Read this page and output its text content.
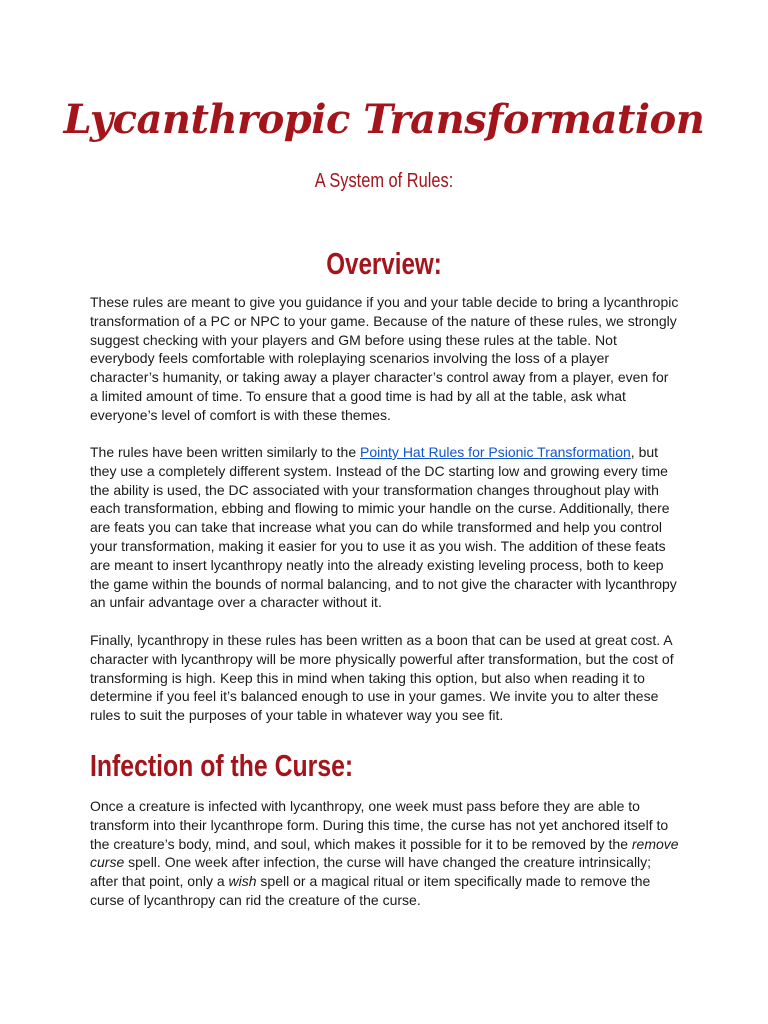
Lycanthropic Transformation

A System of Rules:

Overview:

These rules are meant to give you guidance if you and your table decide to bring a lycanthropic transformation of a PC or NPC to your game. Because of the nature of these rules, we strongly suggest checking with your players and GM before using these rules at the table. Not everybody feels comfortable with roleplaying scenarios involving the loss of a player character’s humanity, or taking away a player character’s control away from a player, even for a limited amount of time. To ensure that a good time is had by all at the table, ask what everyone’s level of comfort is with these themes.

The rules have been written similarly to the Pointy Hat Rules for Psionic Transformation, but they use a completely different system. Instead of the DC starting low and growing every time the ability is used, the DC associated with your transformation changes throughout play with each transformation, ebbing and flowing to mimic your handle on the curse. Additionally, there are feats you can take that increase what you can do while transformed and help you control your transformation, making it easier for you to use it as you wish. The addition of these feats are meant to insert lycanthropy neatly into the already existing leveling process, both to keep the game within the bounds of normal balancing, and to not give the character with lycanthropy an unfair advantage over a character without it.

Finally, lycanthropy in these rules has been written as a boon that can be used at great cost. A character with lycanthropy will be more physically powerful after transformation, but the cost of transforming is high. Keep this in mind when taking this option, but also when reading it to determine if you feel it’s balanced enough to use in your games. We invite you to alter these rules to suit the purposes of your table in whatever way you see fit.

Infection of the Curse:

Once a creature is infected with lycanthropy, one week must pass before they are able to transform into their lycanthrope form. During this time, the curse has not yet anchored itself to the creature’s body, mind, and soul, which makes it possible for it to be removed by the remove curse spell. One week after infection, the curse will have changed the creature intrinsically; after that point, only a wish spell or a magical ritual or item specifically made to remove the curse of lycanthropy can rid the creature of the curse.
